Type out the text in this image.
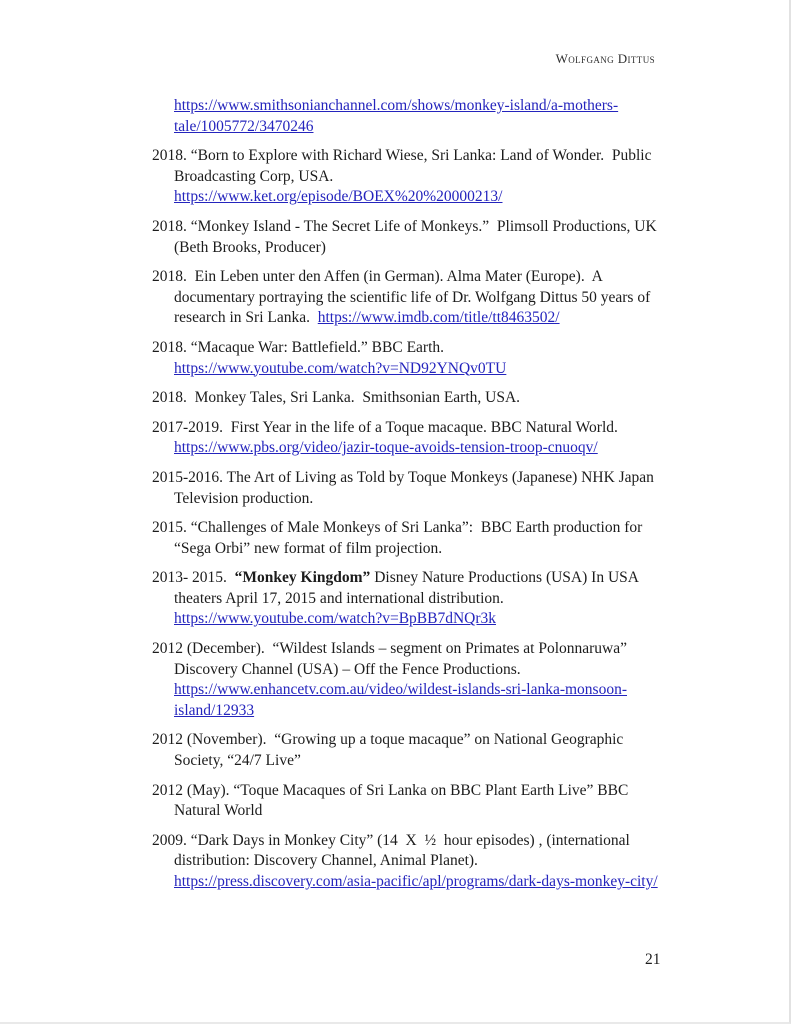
Wolfgang Dittus
https://www.smithsonianchannel.com/shows/monkey-island/a-mothers-
tale/1005772/3470246
2018. “Born to Explore with Richard Wiese, Sri Lanka: Land of Wonder.  Public
Broadcasting Corp, USA.
https://www.ket.org/episode/BOEX%20%20000213/
2018. “Monkey Island - The Secret Life of Monkeys.”  Plimsoll Productions, UK
(Beth Brooks, Producer)
2018.  Ein Leben unter den Affen (in German). Alma Mater (Europe).  A
documentary portraying the scientific life of Dr. Wolfgang Dittus 50 years of
research in Sri Lanka.  https://www.imdb.com/title/tt8463502/
2018. “Macaque War: Battlefield.” BBC Earth.
https://www.youtube.com/watch?v=ND92YNQv0TU
2018.  Monkey Tales, Sri Lanka.  Smithsonian Earth, USA.
2017-2019.  First Year in the life of a Toque macaque. BBC Natural World.
https://www.pbs.org/video/jazir-toque-avoids-tension-troop-cnuoqv/
2015-2016. The Art of Living as Told by Toque Monkeys (Japanese) NHK Japan
Television production.
2015. “Challenges of Male Monkeys of Sri Lanka”:  BBC Earth production for
“Sega Orbi” new format of film projection.
2013- 2015.  “Monkey Kingdom” Disney Nature Productions (USA) In USA
theaters April 17, 2015 and international distribution.
https://www.youtube.com/watch?v=BpBB7dNQr3k
2012 (December).  “Wildest Islands – segment on Primates at Polonnaruwa”
Discovery Channel (USA) – Off the Fence Productions.
https://www.enhancetv.com.au/video/wildest-islands-sri-lanka-monsoon-
island/12933
2012 (November).  “Growing up a toque macaque” on National Geographic
Society, “24/7 Live”
2012 (May). “Toque Macaques of Sri Lanka on BBC Plant Earth Live” BBC
Natural World
2009. “Dark Days in Monkey City” (14  X  ½  hour episodes) , (international
distribution: Discovery Channel, Animal Planet).
https://press.discovery.com/asia-pacific/apl/programs/dark-days-monkey-city/
21
